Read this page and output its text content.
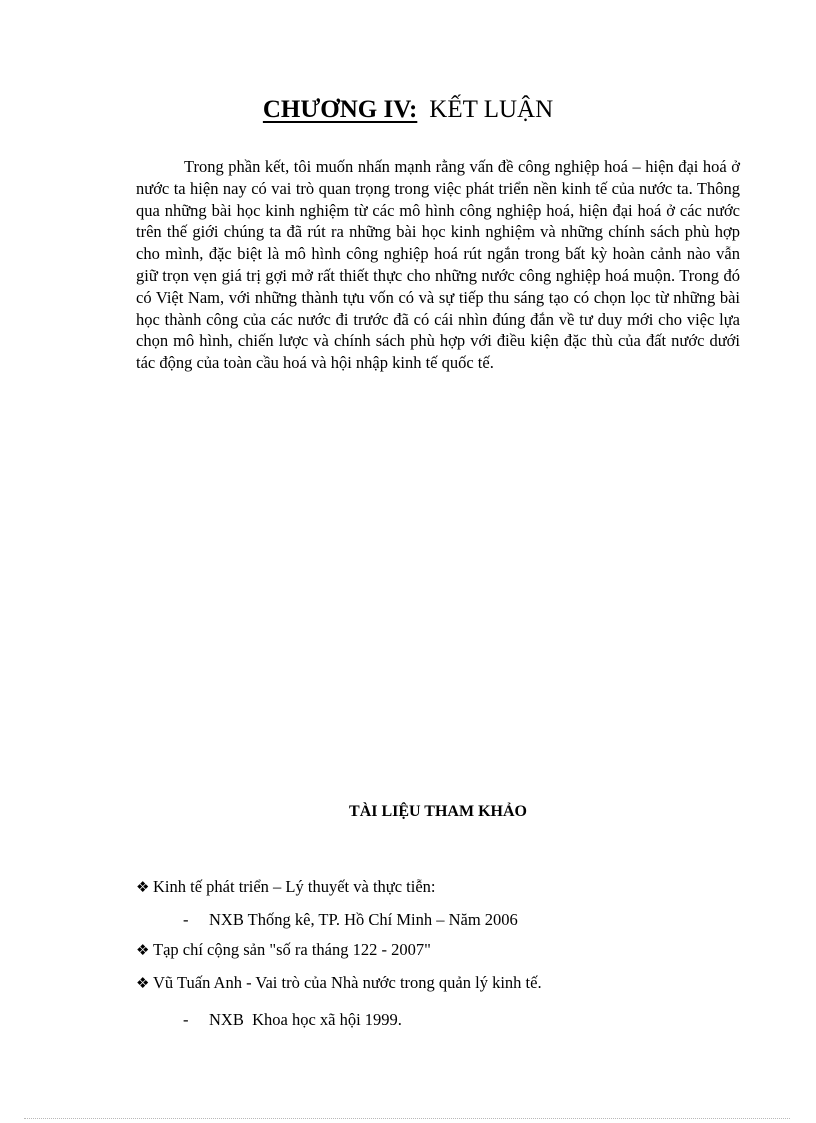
CHƯƠNG IV: KẾT LUẬN

Trong phần kết, tôi muốn nhấn mạnh rằng vấn đề công nghiệp hoá – hiện đại hoá ở nước ta hiện nay có vai trò quan trọng trong việc phát triển nền kinh tế của nước ta. Thông qua những bài học kinh nghiệm từ các mô hình công nghiệp hoá, hiện đại hoá ở các nước trên thế giới chúng ta đã rút ra những bài học kinh nghiệm và những chính sách phù hợp cho mình, đặc biệt là mô hình công nghiệp hoá rút ngắn trong bất kỳ hoàn cảnh nào vẫn giữ trọn vẹn giá trị gợi mở rất thiết thực cho những nước công nghiệp hoá muộn. Trong đó có Việt Nam, với những thành tựu vốn có và sự tiếp thu sáng tạo có chọn lọc từ những bài học thành công của các nước đi trước đã có cái nhìn đúng đắn về tư duy mới cho việc lựa chọn mô hình, chiến lược và chính sách phù hợp với điều kiện đặc thù của đất nước dưới tác động của toàn cầu hoá và hội nhập kinh tế quốc tế.

TÀI LIỆU THAM KHẢO
❖ Kinh tế phát triển – Lý thuyết và thực tiễn:
- NXB Thống kê, TP. Hồ Chí Minh – Năm 2006
❖ Tạp chí cộng sản "số ra tháng 122 - 2007"
❖ Vũ Tuấn Anh - Vai trò của Nhà nước trong quản lý kinh tế.
- NXB  Khoa học xã hội 1999.
